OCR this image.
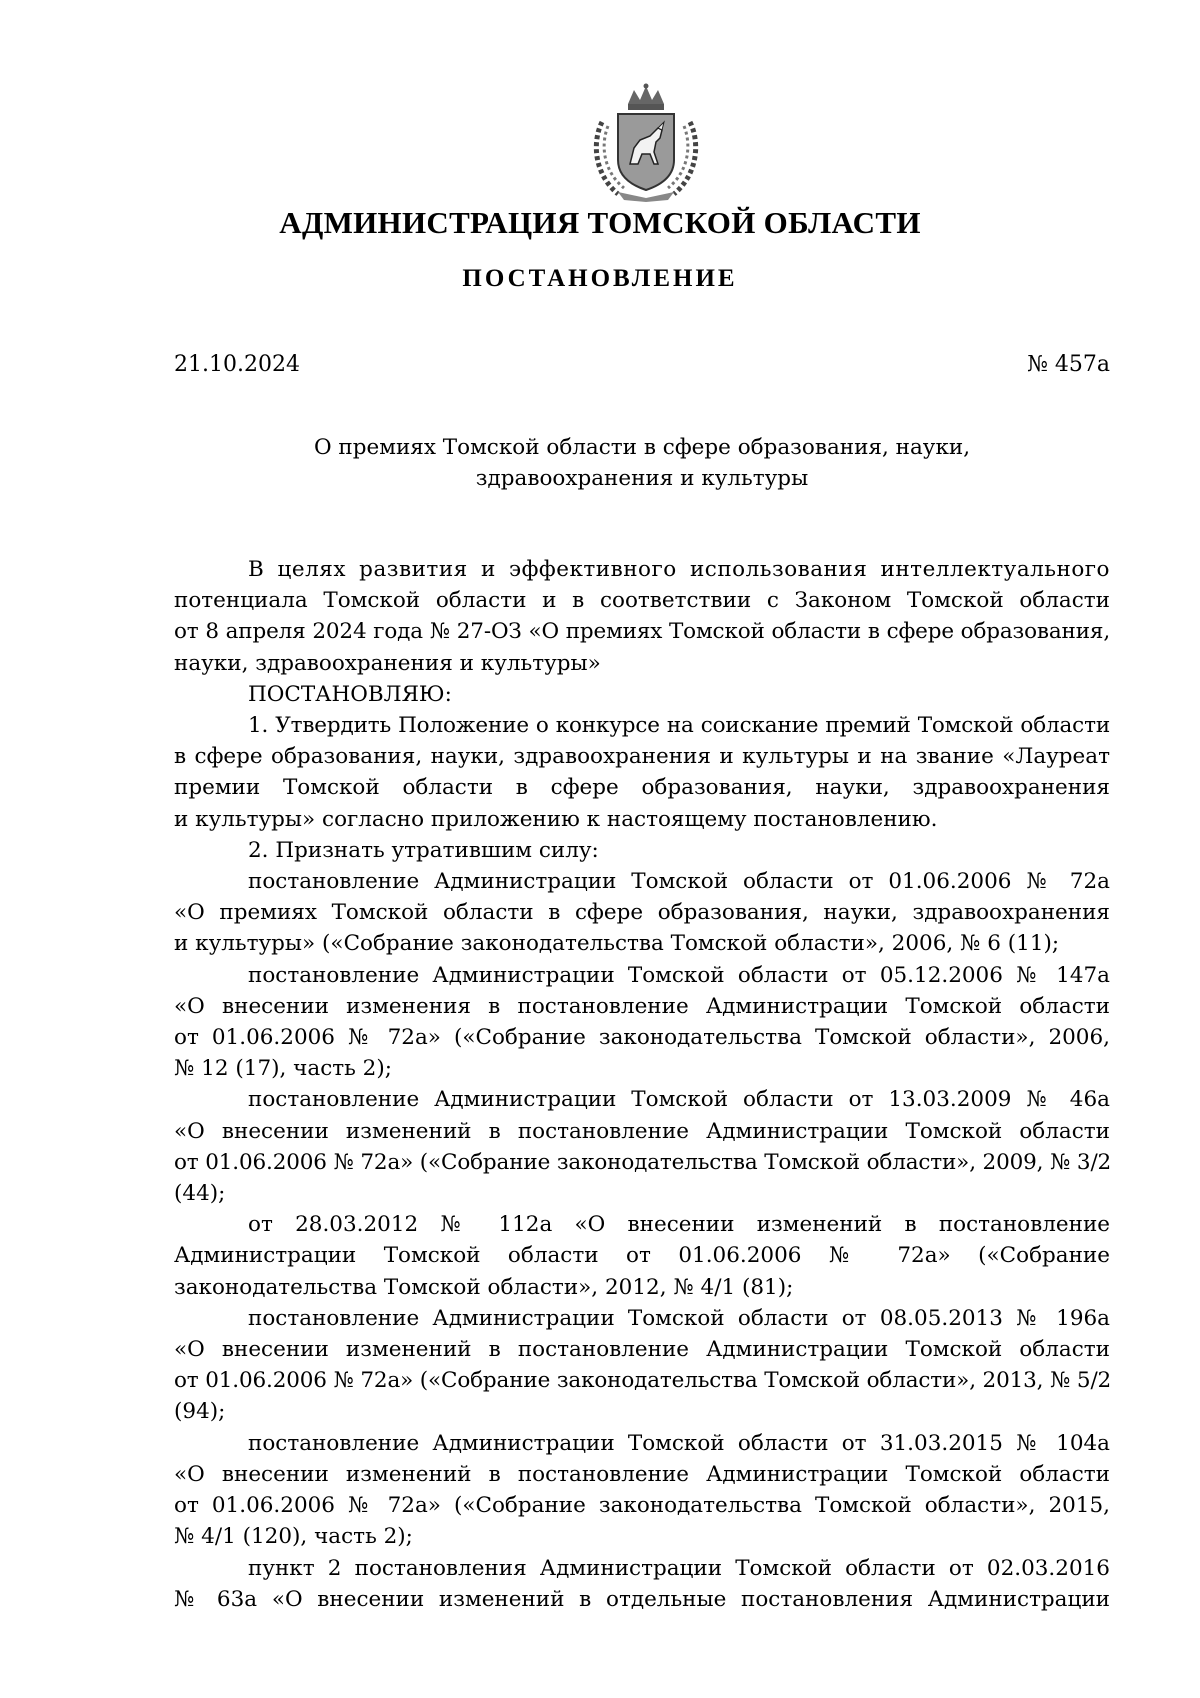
АДМИНИСТРАЦИЯ ТОМСКОЙ ОБЛАСТИ
ПОСТАНОВЛЕНИЕ
21.10.2024	№ 457а
О премиях Томской области в сфере образования, науки,
здравоохранения и культуры
В целях развития и эффективного использования интеллектуального
потенциала Томской области и в соответствии с Законом Томской области
от 8 апреля 2024 года № 27-ОЗ «О премиях Томской области в сфере образования,
науки, здравоохранения и культуры»
ПОСТАНОВЛЯЮ:
1. Утвердить Положение о конкурсе на соискание премий Томской области
в сфере образования, науки, здравоохранения и культуры и на звание «Лауреат
премии Томской области в сфере образования, науки, здравоохранения
и культуры» согласно приложению к настоящему постановлению.
2. Признать утратившим силу:
постановление Администрации Томской области от 01.06.2006 № 72а
«О премиях Томской области в сфере образования, науки, здравоохранения
и культуры» («Собрание законодательства Томской области», 2006, № 6 (11);
постановление Администрации Томской области от 05.12.2006 № 147а
«О внесении изменения в постановление Администрации Томской области
от 01.06.2006 № 72а» («Собрание законодательства Томской области», 2006,
№ 12 (17), часть 2);
постановление Администрации Томской области от 13.03.2009 № 46а
«О внесении изменений в постановление Администрации Томской области
от 01.06.2006 № 72а» («Собрание законодательства Томской области», 2009, № 3/2
(44);
от 28.03.2012 № 112а «О внесении изменений в постановление
Администрации Томской области от 01.06.2006 № 72а» («Собрание
законодательства Томской области», 2012, № 4/1 (81);
постановление Администрации Томской области от 08.05.2013 № 196а
«О внесении изменений в постановление Администрации Томской области
от 01.06.2006 № 72а» («Собрание законодательства Томской области», 2013, № 5/2
(94);
постановление Администрации Томской области от 31.03.2015 № 104а
«О внесении изменений в постановление Администрации Томской области
от 01.06.2006 № 72а» («Собрание законодательства Томской области», 2015,
№ 4/1 (120), часть 2);
пункт 2 постановления Администрации Томской области от 02.03.2016
№ 63а «О внесении изменений в отдельные постановления Администрации
